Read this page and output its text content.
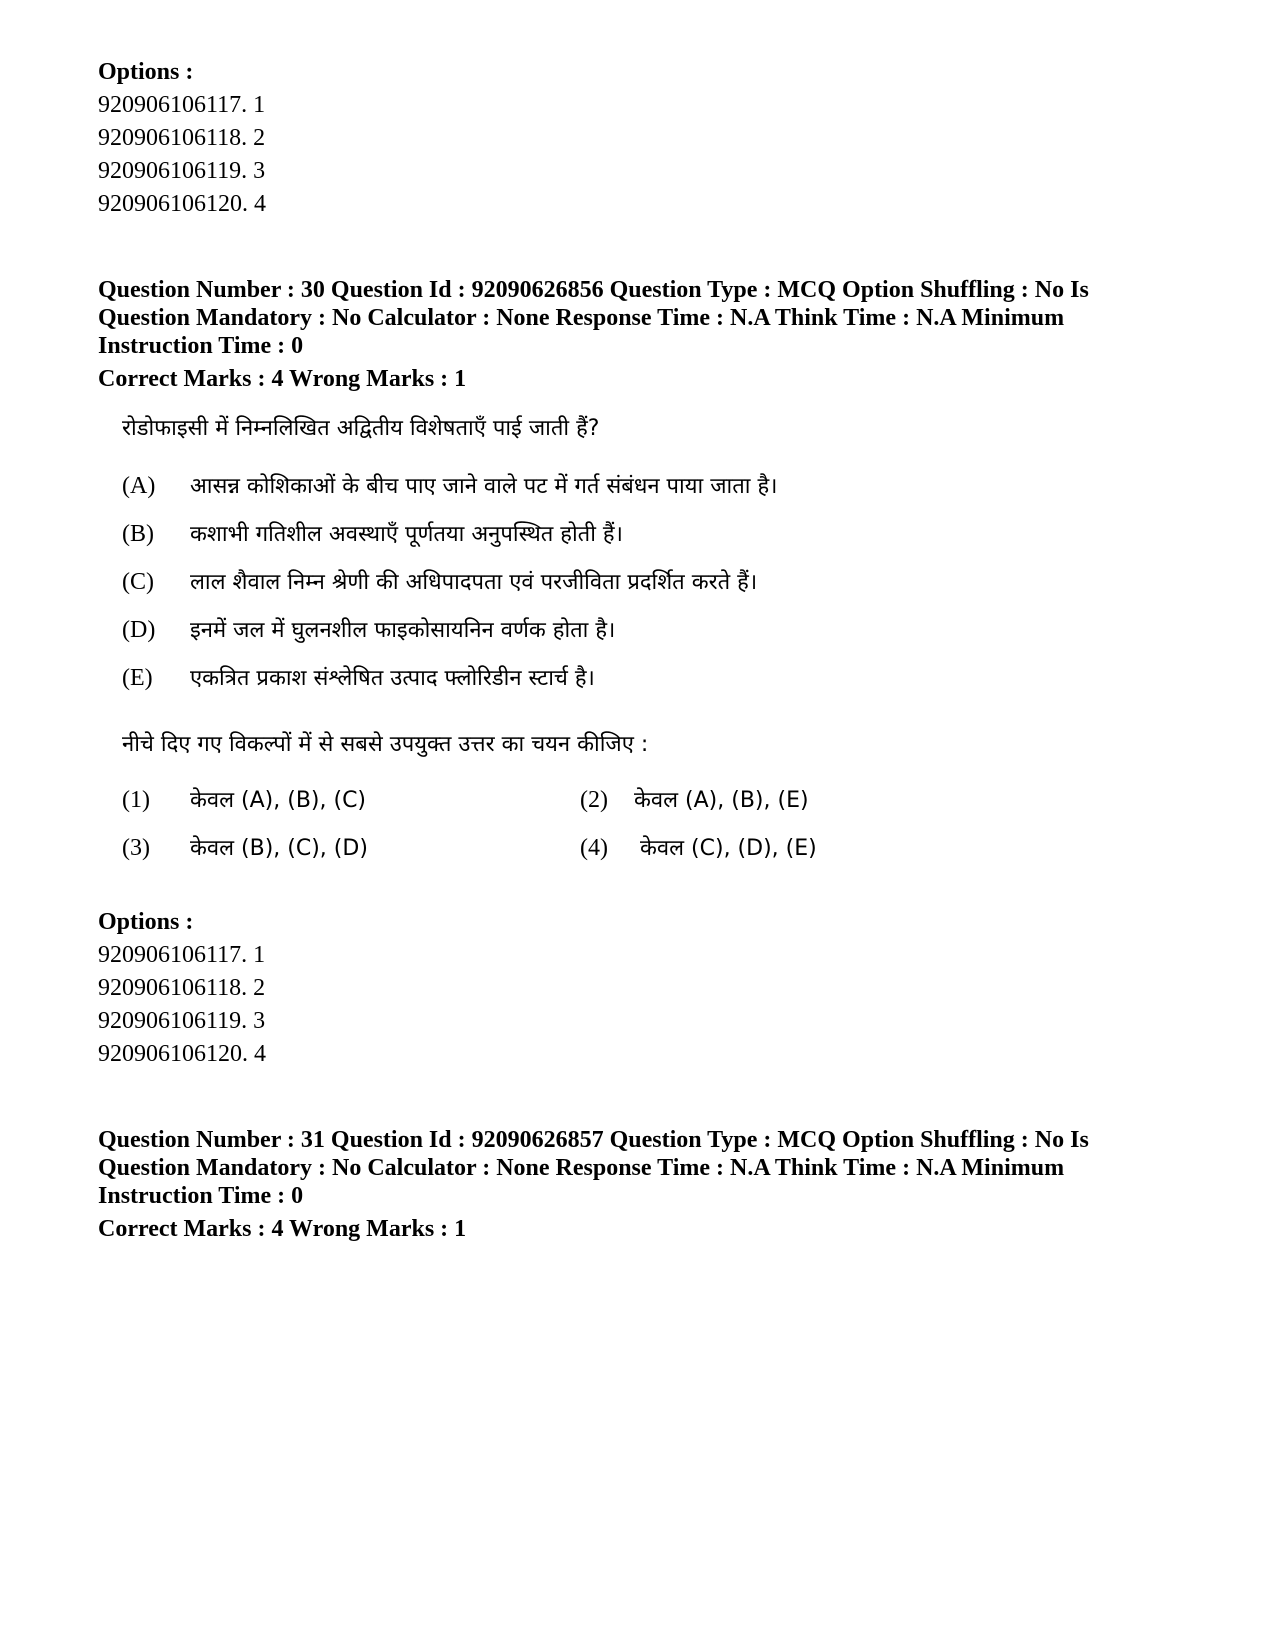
Options :
920906106117. 1
920906106118. 2
920906106119. 3
920906106120. 4
Question Number : 30 Question Id : 92090626856 Question Type : MCQ Option Shuffling : No Is
Question Mandatory : No Calculator : None Response Time : N.A Think Time : N.A Minimum
Instruction Time : 0
Correct Marks : 4 Wrong Marks : 1
रोडोफाइसी में निम्नलिखित अद्वितीय विशेषताएँ पाई जाती हैं?
(A) आसन्न कोशिकाओं के बीच पाए जाने वाले पट में गर्त संबंधन पाया जाता है।
(B) कशाभी गतिशील अवस्थाएँ पूर्णतया अनुपस्थित होती हैं।
(C) लाल शैवाल निम्न श्रेणी की अधिपादपता एवं परजीविता प्रदर्शित करते हैं।
(D) इनमें जल में घुलनशील फाइकोसायनिन वर्णक होता है।
(E) एकत्रित प्रकाश संश्लेषित उत्पाद फ्लोरिडीन स्टार्च है।
नीचे दिए गए विकल्पों में से सबसे उपयुक्त उत्तर का चयन कीजिए :
(1) केवल (A), (B), (C)	(2) केवल (A), (B), (E)
(3) केवल (B), (C), (D)	(4) केवल (C), (D), (E)
Options :
920906106117. 1
920906106118. 2
920906106119. 3
920906106120. 4
Question Number : 31 Question Id : 92090626857 Question Type : MCQ Option Shuffling : No Is
Question Mandatory : No Calculator : None Response Time : N.A Think Time : N.A Minimum
Instruction Time : 0
Correct Marks : 4 Wrong Marks : 1
